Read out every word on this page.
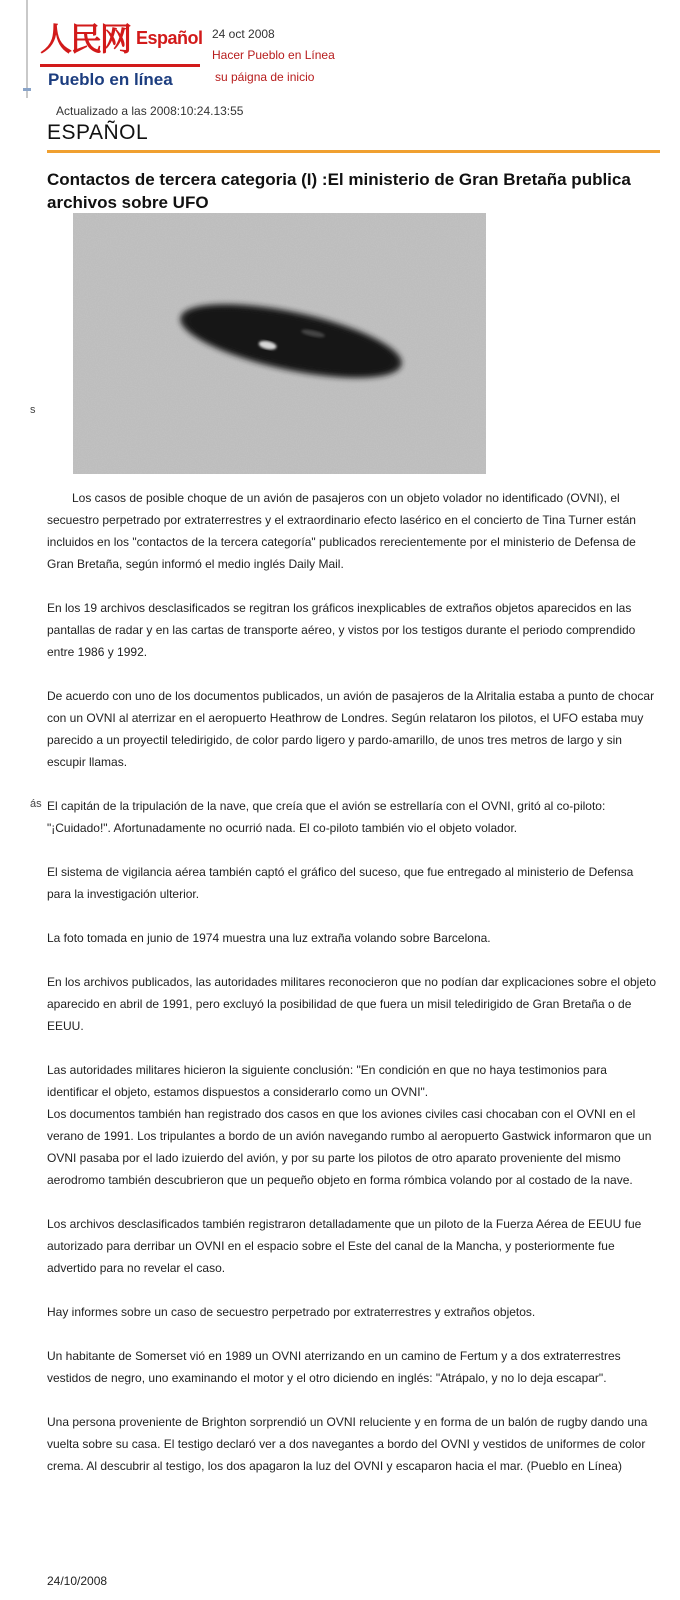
人民网 Español
Pueblo en línea
24 oct 2008
Hacer Pueblo en Línea
su páigna de inicio
Actualizado a las 2008:10:24.13:55
ESPAÑOL
Contactos de tercera categoria (I) :El ministerio de Gran Bretaña publica archivos sobre UFO
s
ás

Los casos de posible choque de un avión de pasajeros con un objeto volador no identificado (OVNI), el secuestro perpetrado por extraterrestres y el extraordinario efecto lasérico en el concierto de Tina Turner están incluidos en los "contactos de la tercera categoría" publicados rerecientemente por el ministerio de Defensa de Gran Bretaña, según informó el medio inglés Daily Mail.

En los 19 archivos desclasificados se regitran los gráficos inexplicables de extraños objetos aparecidos en las pantallas de radar y en las cartas de transporte aéreo, y vistos por los testigos durante el periodo comprendido entre 1986 y 1992.

De acuerdo con uno de los documentos publicados, un avión de pasajeros de la Alritalia estaba a punto de chocar con un OVNI al aterrizar en el aeropuerto Heathrow de Londres. Según relataron los pilotos, el UFO estaba muy parecido a un proyectil teledirigido, de color pardo ligero y pardo-amarillo, de unos tres metros de largo y sin escupir llamas.

El capitán de la tripulación de la nave, que creía que el avión se estrellaría con el OVNI, gritó al co-piloto: "¡Cuidado!". Afortunadamente no ocurrió nada. El co-piloto también vio el objeto volador.

El sistema de vigilancia aérea también captó el gráfico del suceso, que fue entregado al ministerio de Defensa para la investigación ulterior.

La foto tomada en junio de 1974 muestra una luz extraña volando sobre Barcelona.

En los archivos publicados, las autoridades militares reconocieron que no podían dar explicaciones sobre el objeto aparecido en abril de 1991, pero excluyó la posibilidad de que fuera un misil teledirigido de Gran Bretaña o de EEUU.

Las autoridades militares hicieron la siguiente conclusión: "En condición en que no haya testimonios para identificar el objeto, estamos dispuestos a considerarlo como un OVNI".

Los documentos también han registrado dos casos en que los aviones civiles casi chocaban con el OVNI en el verano de 1991. Los tripulantes a bordo de un avión navegando rumbo al aeropuerto Gastwick informaron que un OVNI pasaba por el lado izuierdo del avión, y por su parte los pilotos de otro aparato proveniente del mismo aerodromo también descubrieron que un pequeño objeto en forma rómbica volando por al costado de la nave.

Los archivos desclasificados también registraron detalladamente que un piloto de la Fuerza Aérea de EEUU fue autorizado para derribar un OVNI en el espacio sobre el Este del canal de la Mancha, y posteriormente fue advertido para no revelar el caso.

Hay informes sobre un caso de secuestro perpetrado por extraterrestres y extraños objetos.

Un habitante de Somerset vió en 1989 un OVNI aterrizando en un camino de Fertum y a dos extraterrestres vestidos de negro, uno examinando el motor y el otro diciendo en inglés: "Atrápalo, y no lo deja escapar".

Una persona proveniente de Brighton sorprendió un OVNI reluciente y en forma de un balón de rugby dando una vuelta sobre su casa. El testigo declaró ver a dos navegantes a bordo del OVNI y vestidos de uniformes de color crema. Al descubrir al testigo, los dos apagaron la luz del OVNI y escaparon hacia el mar. (Pueblo en Línea)

24/10/2008
